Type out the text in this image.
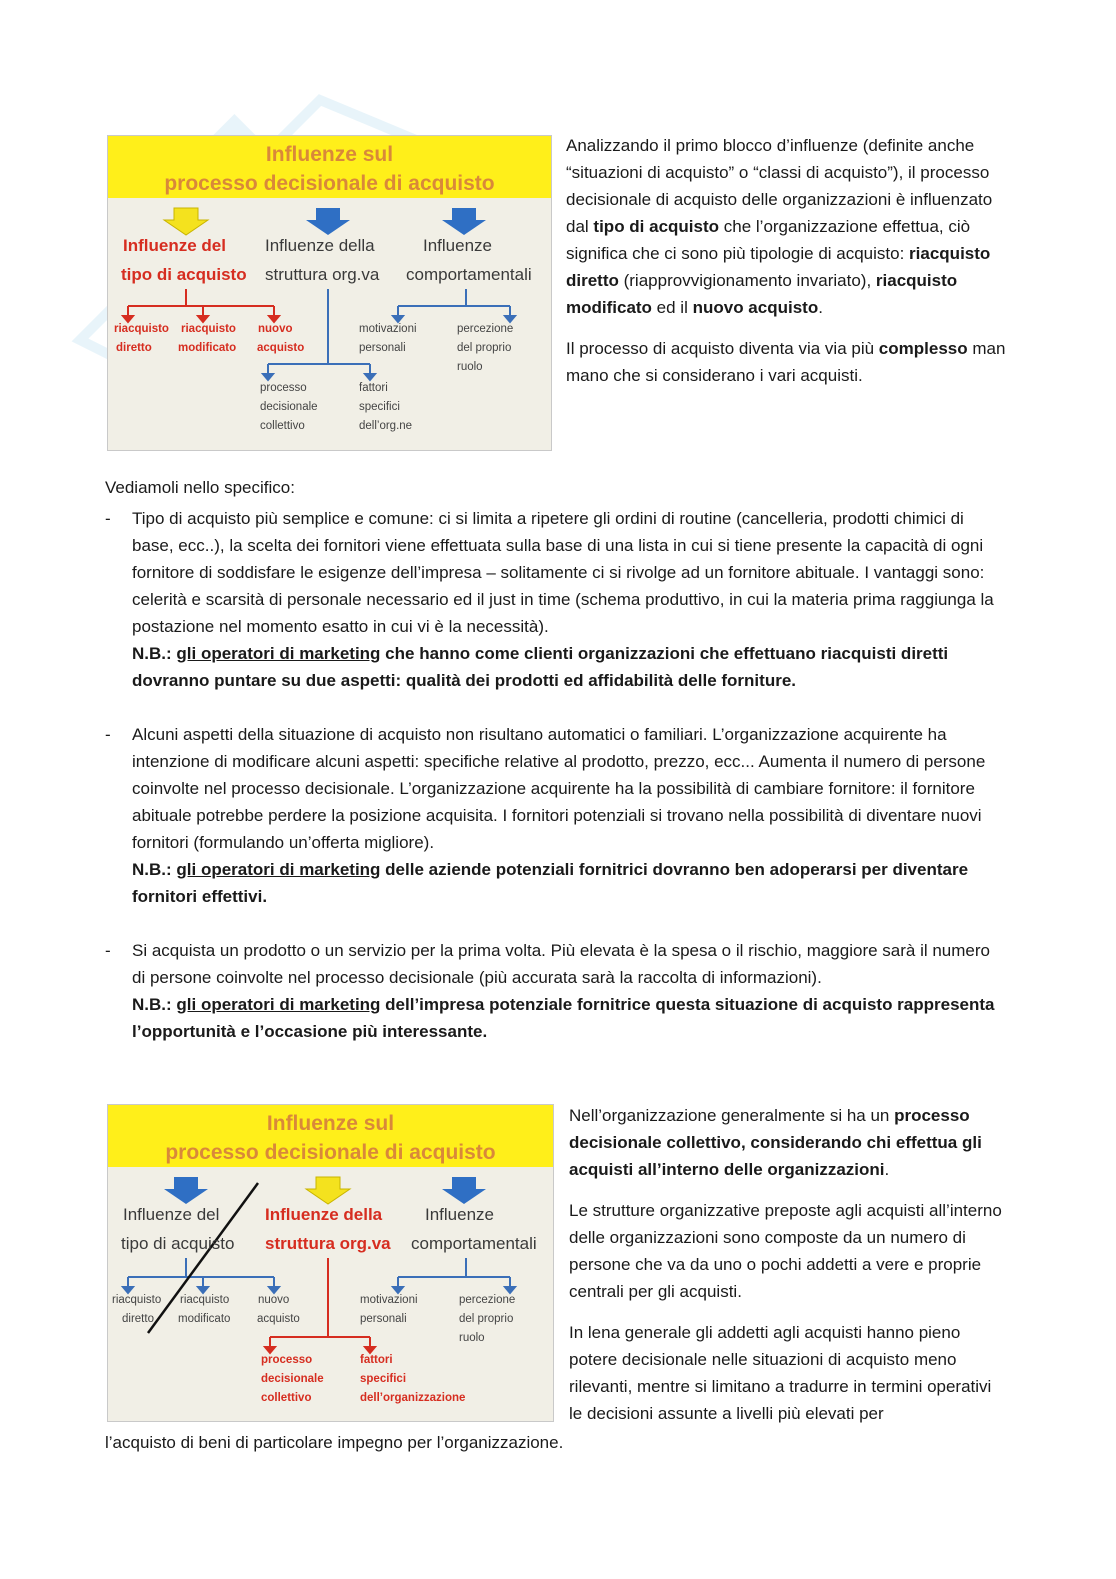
Influenze sul
processo decisionale di acquisto
Influenze del
tipo di acquisto
Influenze della
struttura org.va
Influenze
comportamentali
riacquisto
diretto
riacquisto
modificato
nuovo
acquisto
motivazioni
personali
percezione
del proprio
ruolo
processo
decisionale
collettivo
fattori
specifici
dell’org.ne

Analizzando il primo blocco d’influenze (definite anche “situazioni di acquisto” o “classi di acquisto”), il processo decisionale di acquisto delle organizzazioni è influenzato dal tipo di acquisto che l’organizzazione effettua, ciò significa che ci sono più tipologie di acquisto: riacquisto diretto (riapprovvigionamento invariato), riacquisto modificato ed il nuovo acquisto.

Il processo di acquisto diventa via via più complesso man mano che si considerano i vari acquisti.

Vediamoli nello specifico:
- Tipo di acquisto più semplice e comune: ci si limita a ripetere gli ordini di routine (cancelleria, prodotti chimici di base, ecc..), la scelta dei fornitori viene effettuata sulla base di una lista in cui si tiene presente la capacità di ogni fornitore di soddisfare le esigenze dell’impresa – solitamente ci si rivolge ad un fornitore abituale. I vantaggi sono: celerità e scarsità di personale necessario ed il just in time (schema produttivo, in cui la materia prima raggiunga la postazione nel momento esatto in cui vi è la necessità).
N.B.: gli operatori di marketing che hanno come clienti organizzazioni che effettuano riacquisti diretti dovranno puntare su due aspetti: qualità dei prodotti ed affidabilità delle forniture.
- Alcuni aspetti della situazione di acquisto non risultano automatici o familiari. L’organizzazione acquirente ha intenzione di modificare alcuni aspetti: specifiche relative al prodotto, prezzo, ecc... Aumenta il numero di persone coinvolte nel processo decisionale. L’organizzazione acquirente ha la possibilità di cambiare fornitore: il fornitore abituale potrebbe perdere la posizione acquisita. I fornitori potenziali si trovano nella possibilità di diventare nuovi fornitori (formulando un’offerta migliore).
N.B.: gli operatori di marketing delle aziende potenziali fornitrici dovranno ben adoperarsi per diventare fornitori effettivi.
- Si acquista un prodotto o un servizio per la prima volta. Più elevata è la spesa o il rischio, maggiore sarà il numero di persone coinvolte nel processo decisionale (più accurata sarà la raccolta di informazioni).
N.B.: gli operatori di marketing dell’impresa potenziale fornitrice questa situazione di acquisto rappresenta l’opportunità e l’occasione più interessante.
Influenze sul
processo decisionale di acquisto
Influenze del
tipo di acquisto
Influenze della
struttura org.va
Influenze
comportamentali
riacquisto
diretto
riacquisto
modificato
nuovo
acquisto
motivazioni
personali
percezione
del proprio
ruolo
processo
decisionale
collettivo
fattori
specifici
dell’organizzazione

Nell’organizzazione generalmente si ha un processo decisionale collettivo, considerando chi effettua gli acquisti all’interno delle organizzazioni.

Le strutture organizzative preposte agli acquisti all’interno delle organizzazioni sono composte da un numero di persone che va da uno o pochi addetti a vere e proprie centrali per gli acquisti.

In lena generale gli addetti agli acquisti hanno pieno potere decisionale nelle situazioni di acquisto meno rilevanti, mentre si limitano a tradurre in termini operativi le decisioni assunte a livelli più elevati per

l’acquisto di beni di particolare impegno per l’organizzazione.
